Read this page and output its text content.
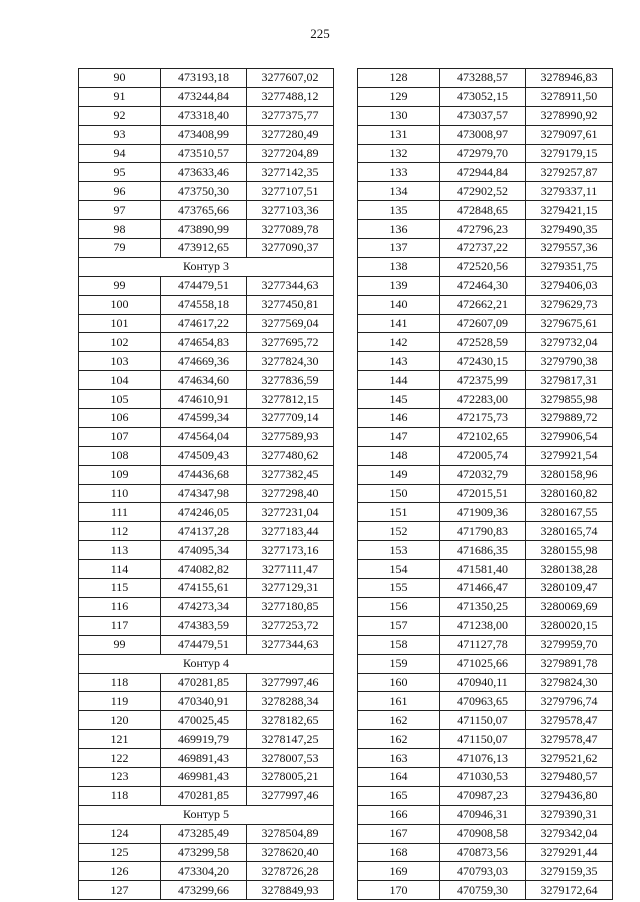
225
90	473193,18	3277607,02
91	473244,84	3277488,12
92	473318,40	3277375,77
93	473408,99	3277280,49
94	473510,57	3277204,89
95	473633,46	3277142,35
96	473750,30	3277107,51
97	473765,66	3277103,36
98	473890,99	3277089,78
79	473912,65	3277090,37
Контур 3		
99	474479,51	3277344,63
100	474558,18	3277450,81
101	474617,22	3277569,04
102	474654,83	3277695,72
103	474669,36	3277824,30
104	474634,60	3277836,59
105	474610,91	3277812,15
106	474599,34	3277709,14
107	474564,04	3277589,93
108	474509,43	3277480,62
109	474436,68	3277382,45
110	474347,98	3277298,40
111	474246,05	3277231,04
112	474137,28	3277183,44
113	474095,34	3277173,16
114	474082,82	3277111,47
115	474155,61	3277129,31
116	474273,34	3277180,85
117	474383,59	3277253,72
99	474479,51	3277344,63
Контур 4		
118	470281,85	3277997,46
119	470340,91	3278288,34
120	470025,45	3278182,65
121	469919,79	3278147,25
122	469891,43	3278007,53
123	469981,43	3278005,21
118	470281,85	3277997,46
Контур 5		
124	473285,49	3278504,89
125	473299,58	3278620,40
126	473304,20	3278726,28
127	473299,66	3278849,93
128	473288,57	3278946,83
129	473052,15	3278911,50
130	473037,57	3278990,92
131	473008,97	3279097,61
132	472979,70	3279179,15
133	472944,84	3279257,87
134	472902,52	3279337,11
135	472848,65	3279421,15
136	472796,23	3279490,35
137	472737,22	3279557,36
138	472520,56	3279351,75
139	472464,30	3279406,03
140	472662,21	3279629,73
141	472607,09	3279675,61
142	472528,59	3279732,04
143	472430,15	3279790,38
144	472375,99	3279817,31
145	472283,00	3279855,98
146	472175,73	3279889,72
147	472102,65	3279906,54
148	472005,74	3279921,54
149	472032,79	3280158,96
150	472015,51	3280160,82
151	471909,36	3280167,55
152	471790,83	3280165,74
153	471686,35	3280155,98
154	471581,40	3280138,28
155	471466,47	3280109,47
156	471350,25	3280069,69
157	471238,00	3280020,15
158	471127,78	3279959,70
159	471025,66	3279891,78
160	470940,11	3279824,30
161	470963,65	3279796,74
162	471150,07	3279578,47
162	471150,07	3279578,47
163	471076,13	3279521,62
164	471030,53	3279480,57
165	470987,23	3279436,80
166	470946,31	3279390,31
167	470908,58	3279342,04
168	470873,56	3279291,44
169	470793,03	3279159,35
170	470759,30	3279172,64
